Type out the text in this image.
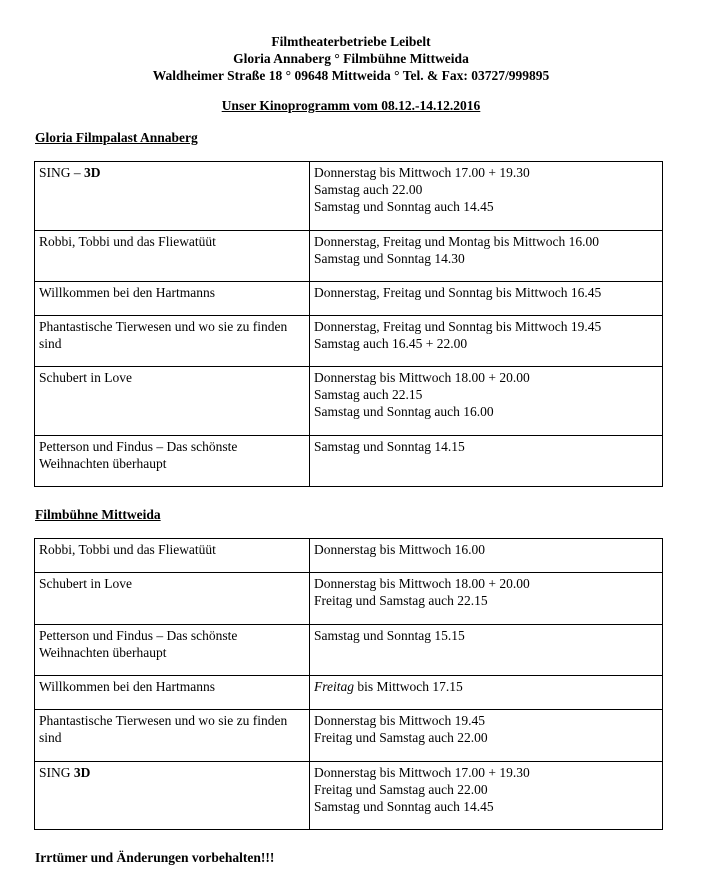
Filmtheaterbetriebe Leibelt
Gloria Annaberg ° Filmbühne Mittweida
Waldheimer Straße 18 ° 09648 Mittweida ° Tel. & Fax: 03727/999895
Unser Kinoprogramm vom 08.12.-14.12.2016
Gloria Filmpalast Annaberg
SING – 3D	Donnerstag bis Mittwoch 17.00 + 19.30
Samstag auch 22.00
Samstag und Sonntag auch 14.45

Robbi, Tobbi und das Fliewatüüt	Donnerstag, Freitag und Montag bis Mittwoch 16.00
Samstag und Sonntag 14.30

Willkommen bei den Hartmanns	Donnerstag, Freitag und Sonntag bis Mittwoch 16.45

Phantastische Tierwesen und wo sie zu finden sind	Donnerstag, Freitag und Sonntag bis Mittwoch 19.45
Samstag auch 16.45 + 22.00

Schubert in Love	Donnerstag bis Mittwoch 18.00 + 20.00
Samstag auch 22.15
Samstag und Sonntag auch 16.00

Petterson und Findus – Das schönste Weihnachten überhaupt	Samstag und Sonntag 14.15
Filmbühne Mittweida
Robbi, Tobbi und das Fliewatüüt	Donnerstag bis Mittwoch 16.00

Schubert in Love	Donnerstag bis Mittwoch 18.00 + 20.00
Freitag und Samstag auch 22.15

Petterson und Findus – Das schönste Weihnachten überhaupt	Samstag und Sonntag 15.15

Willkommen bei den Hartmanns	Freitag bis Mittwoch 17.15

Phantastische Tierwesen und wo sie zu finden sind	Donnerstag bis Mittwoch 19.45
Freitag und Samstag auch 22.00

SING 3D	Donnerstag bis Mittwoch 17.00 + 19.30
Freitag und Samstag auch 22.00
Samstag und Sonntag auch 14.45
Irrtümer und Änderungen vorbehalten!!!
